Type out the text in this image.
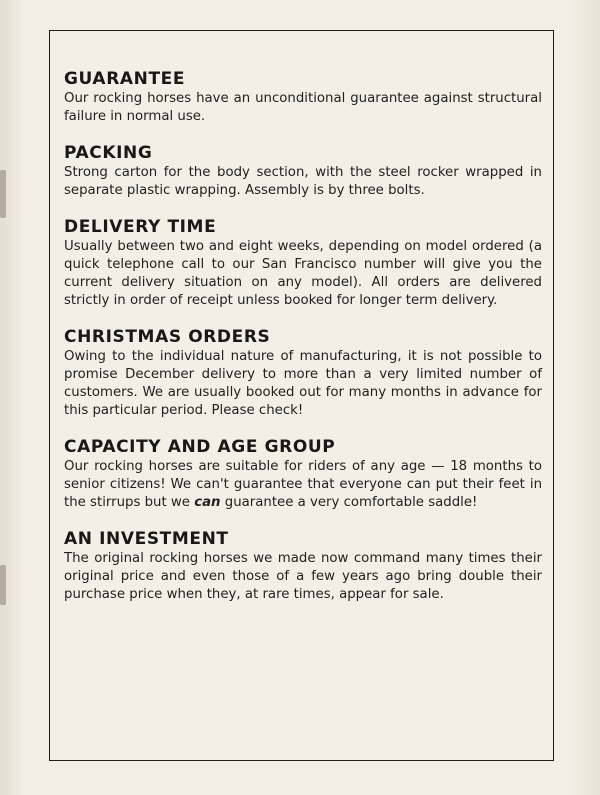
GUARANTEE

Our rocking horses have an unconditional guarantee against structural failure in normal use.

PACKING

Strong carton for the body section, with the steel rocker wrapped in separate plastic wrapping. Assembly is by three bolts.

DELIVERY TIME

Usually between two and eight weeks, depending on model ordered (a quick telephone call to our San Francisco number will give you the current delivery situation on any model). All orders are delivered strictly in order of receipt unless booked for longer term delivery.

CHRISTMAS ORDERS

Owing to the individual nature of manufacturing, it is not possible to promise December delivery to more than a very limited number of customers. We are usually booked out for many months in advance for this particular period. Please check!

CAPACITY AND AGE GROUP

Our rocking horses are suitable for riders of any age — 18 months to senior citizens! We can't guarantee that everyone can put their feet in the stirrups but we can guarantee a very comfortable saddle!

AN INVESTMENT

The original rocking horses we made now command many times their original price and even those of a few years ago bring double their purchase price when they, at rare times, appear for sale.
